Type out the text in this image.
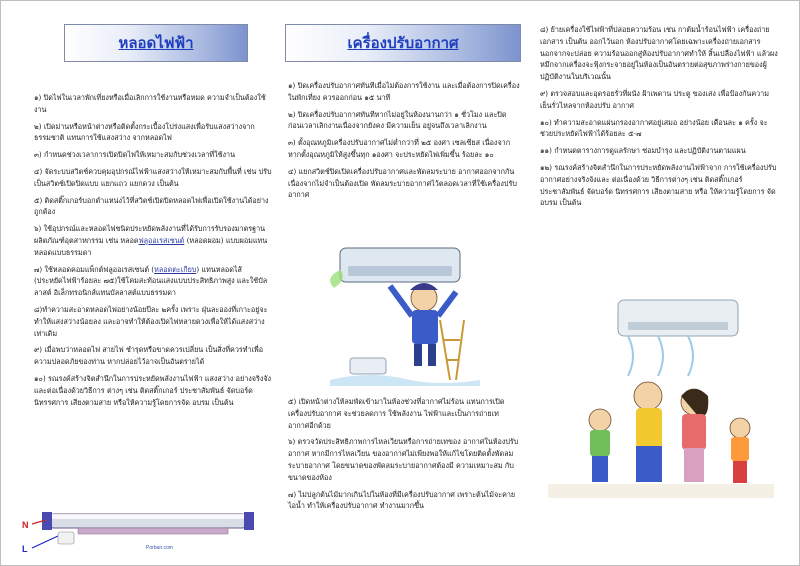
หลอดไฟฟ้า

๑) ปิดไฟในเวลาพักเที่ยงหรือเมื่อเลิกการใช้งานหรือหมด ความจำเป็นต้องใช้งาน

๒) เปิดม่านหรือหน้าต่างหรือติดตั้งกระเบื้องโปร่งแสงเพื่อรับแสงสว่างจากธรรมชาติ แทนการใช้แสงสว่าง จากหลอดไฟ

๓) กำหนดช่วงเวลาการเปิดปิดไฟให้เหมาะสมกับช่วงเวลาที่ใช้งาน

๔) จัดระบบสวิตช์ควบคุมอุปกรณ์ไฟฟ้าแสงสว่างให้เหมาะสมกับพื้นที่ เช่น ปรับเป็นสวิตช์เปิดปิดแบบ แยกแถว แยกดวง เป็นต้น

๕) ติดสติ๊กเกอร์บอกตำแหน่งไว้ที่สวิตช์เปิดปิดหลอดไฟเพื่อเปิดใช้งานได้อย่างถูกต้อง

๖) ใช้อุปกรณ์และหลอดไฟชนิดประหยัดพลังงานที่ได้รับการรับรองมาตรฐานผลิตภัณฑ์อุตสาหกรรม เช่น หลอดฟลูออเรสเซนต์ (หลอดผอม) แบบผอมแทน หลอดแบบธรรมดา

๗) ใช้หลอดคอมแพ็กต์ฟลูออเรสเซนต์ (หลอดตะเกียบ) แทนหลอดไส้ (ประหยัดไฟฟ้าร้อยละ ๗๕)ใช้โคมสะท้อนแสงแบบประสิทธิภาพสูง และใช้บัลลาสต์ อิเล็กทรอนิกส์แทนบัลลาสต์แบบธรรมดา

๘)ทำความสะอาดหลอดไฟอย่างน้อยปีละ ๒ครั้ง เพราะ ฝุ่นละอองที่เกาะอยู่จะทำให้แสงสว่างน้อยลง และอาจทำให้ต้องเปิดไฟหลายดวงเพื่อให้ได้แสงสว่างเท่าเดิม

๙) เมื่อพบว่าหลอดไฟ สายไฟ ชำรุดหรือขาดควรเปลี่ยน เป็นสิ่งที่ควรทำเพื่อความปลอดภัยของท่าน หากปล่อยไว้อาจเป็นอันตรายได้

๑๐) รณรงค์สร้างจิตสำนึกในการประหยัดพลังงานไฟฟ้า แสงสว่าง อย่างจริงจังและต่อเนื่องด้วยวิธีการ ต่างๆ เช่น ติดสติ๊กเกอร์ ประชาสัมพันธ์ จัดบอร์ดนิทรรศการ เสียงตามสาย หรือให้ความรู้โดยการจัด อบรม เป็นต้น

N
L	Porban.com
เครื่องปรับอากาศ

๑) ปิดเครื่องปรับอากาศทันทีเมื่อไม่ต้องการใช้งาน และเมื่อต้องการปิดเครื่องในพักเที่ยง ควรออกก่อน ๑๕ นาที

๒) ปิดเครื่องปรับอากาศทันทีหากไม่อยู่ในห้องนานกว่า ๑ ชั่วโมง และปิดก่อนเวลาเลิกงานเนื่องจากยังคง มีความเย็น อยู่จนถึงเวลาเลิกงาน

๓) ตั้งอุณหภูมิเครื่องปรับอากาศไม่ต่ำกว่าที่ ๒๕ องศา เซลเซียส เนื่องจากหากตั้งอุณหภูมิให้สูงขึ้นทุก ๑องศา จะประหยัดไฟเพิ่มขึ้น ร้อยละ ๑๐

๔) แยกสวิตช์ปิดเปิดเครื่องปรับอากาศและพัดลมระบาย อากาศออกจากกัน เนื่องจากไม่จำเป็นต้องเปิด พัดลมระบายอากาศไว้ตลอดเวลาที่ใช้เครื่องปรับอากาศ

๕) เปิดหน้าต่างให้ลมพัดเข้ามาในห้องช่วงที่อากาศไม่ร้อน แทนการเปิดเครื่องปรับอากาศ จะช่วยลดการ ใช้พลังงาน ไฟฟ้าและเป็นการถ่ายเทอากาศอีกด้วย

๖) ตรวจวัดประสิทธิภาพการไหลเวียนหรือการถ่ายเทของ อากาศในห้องปรับอากาศ หากมีการไหลเวียน ของอากาศไม่เพียงพอให้แก้ไขโดยติดตั้งพัดลมระบายอากาศ โดยขนาดของพัดลมระบายอากาศต้องมี ความเหมาะสม กับขนาดของห้อง

๗) ไม่ปลูกต้นไม้มากเกินไปในห้องที่มีเครื่องปรับอากาศ เพราะต้นไม้จะคายไอน้ำ ทำให้เครื่องปรับอากาศ ทำงานมากขึ้น

๘) ย้ายเครื่องใช้ไฟฟ้าที่ปล่อยความร้อน เช่น กาต้มน้ำร้อนไฟฟ้า เครื่องถ่ายเอกสาร เป็นต้น ออกไว้นอก ห้องปรับอากาศโดยเฉพาะเครื่องถ่ายเอกสารนอกจากจะปล่อย ความร้อนออกสู่ห้องปรับอากาศทำให้ สิ้นเปลืองไฟฟ้า แล้วผงหมึกจากเครื่องจะฟุ้งกระจายอยู่ในห้องเป็นอันตรายต่อสุขภาพร่างกายของผู้ปฏิบัติงานในบริเวณนั้น

๙) ตรวจสอบและอุดรอยรั่วที่ผนัง ฝ้าเพดาน ประตู ของเสง เพื่อป้องกันความเย็นรั่วไหลจากห้องปรับ อากาศ

๑๐) ทำความสะอาดแผ่นกรองอากาศอยู่เสมอ อย่างน้อย เดือนละ ๑ ครั้ง จะช่วยประหยัดไฟฟ้าได้ร้อยละ ๕-๗

๑๑) กำหนดตารางการดูแลรักษา ซ่อมบำรุง และปฏิบัติงานตามแผน

๑๒) รณรงค์สร้างจิตสำนึกในการประหยัดพลังงานไฟฟ้าจาก การใช้เครื่องปรับอากาศอย่างจริงจังและ ต่อเนื่องด้วย วิธีการต่างๆ เช่น ติดสติ๊กเกอร์ประชาสัมพันธ์ จัดบอร์ด นิทรรศการ เสียงตามสาย หรือ ให้ความรู้โดยการ จัดอบรม เป็นต้น
